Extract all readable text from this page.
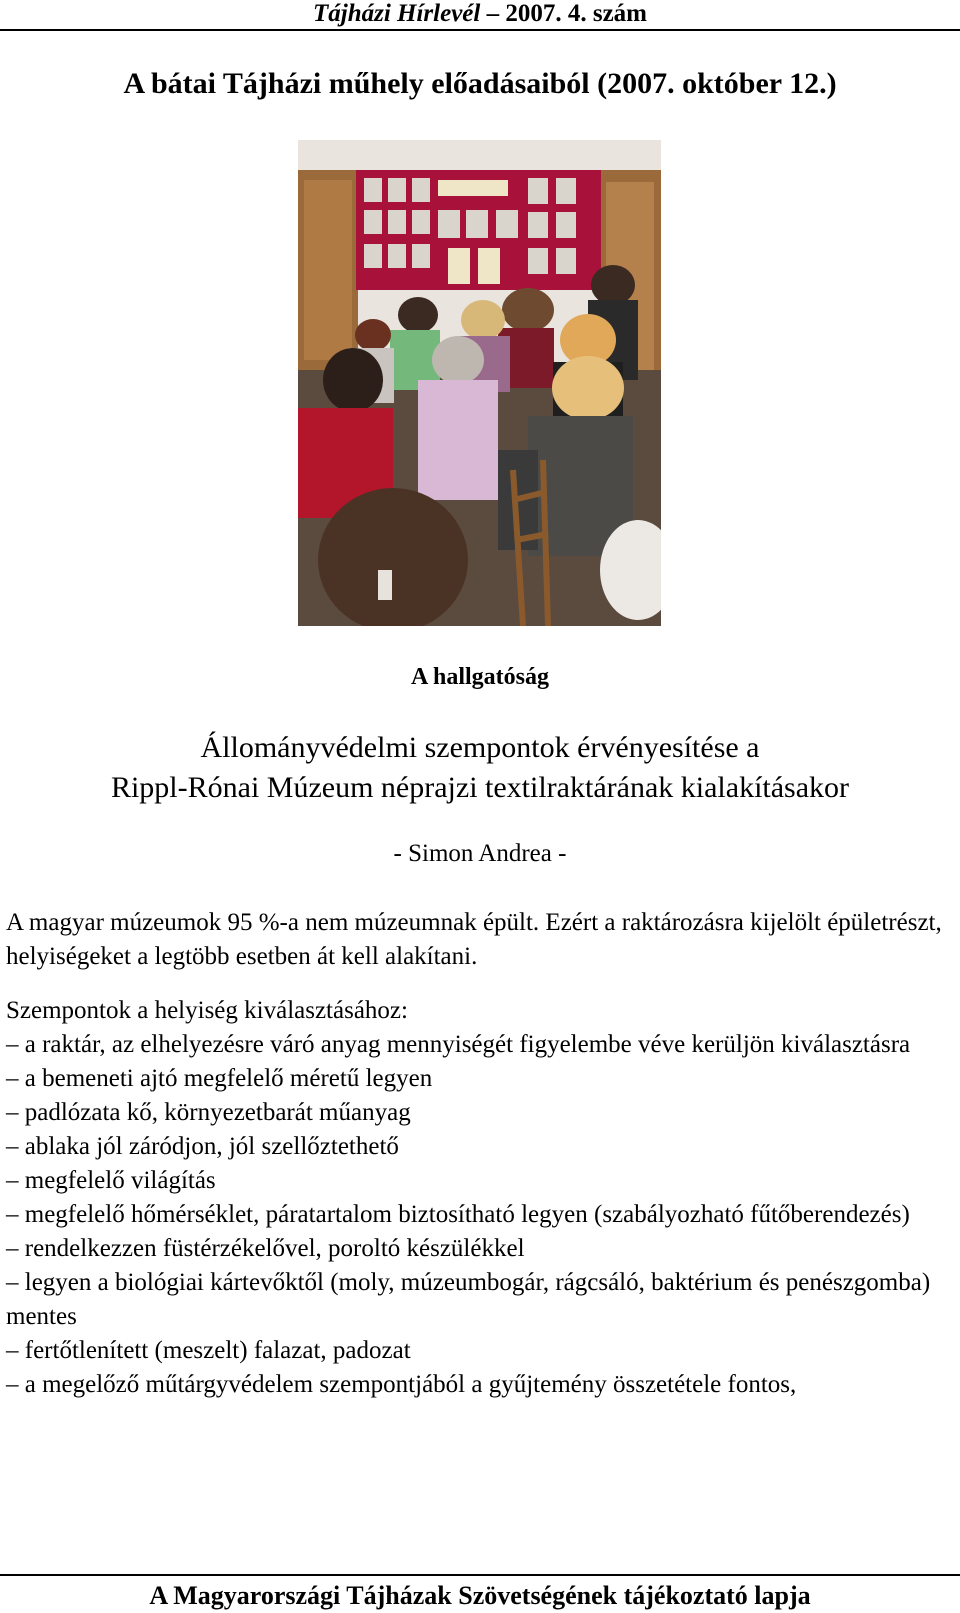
Tájházi Hírlevél – 2007. 4. szám
A bátai Tájházi műhely előadásaiból (2007. október 12.)
A hallgatóság
Állományvédelmi szempontok érvényesítése a
Rippl-Rónai Múzeum néprajzi textilraktárának kialakításakor
- Simon Andrea -

A magyar múzeumok 95 %-a nem múzeumnak épült. Ezért a raktározásra kijelölt épületrészt, helyiségeket a legtöbb esetben át kell alakítani.

Szempontok a helyiség kiválasztásához:

– a raktár, az elhelyezésre váró anyag mennyiségét figyelembe véve kerüljön kiválasztásra

– a bemeneti ajtó megfelelő méretű legyen

– padlózata kő, környezetbarát műanyag

– ablaka jól záródjon, jól szellőztethető

– megfelelő világítás

– megfelelő hőmérséklet, páratartalom biztosítható legyen (szabályozható fűtőberendezés)

– rendelkezzen füstérzékelővel, poroltó készülékkel

– legyen a biológiai kártevőktől (moly, múzeumbogár, rágcsáló, baktérium és penészgomba) mentes

– fertőtlenített (meszelt) falazat, padozat

– a megelőző műtárgyvédelem szempontjából a gyűjtemény összetétele fontos,

A Magyarországi Tájházak Szövetségének tájékoztató lapja
